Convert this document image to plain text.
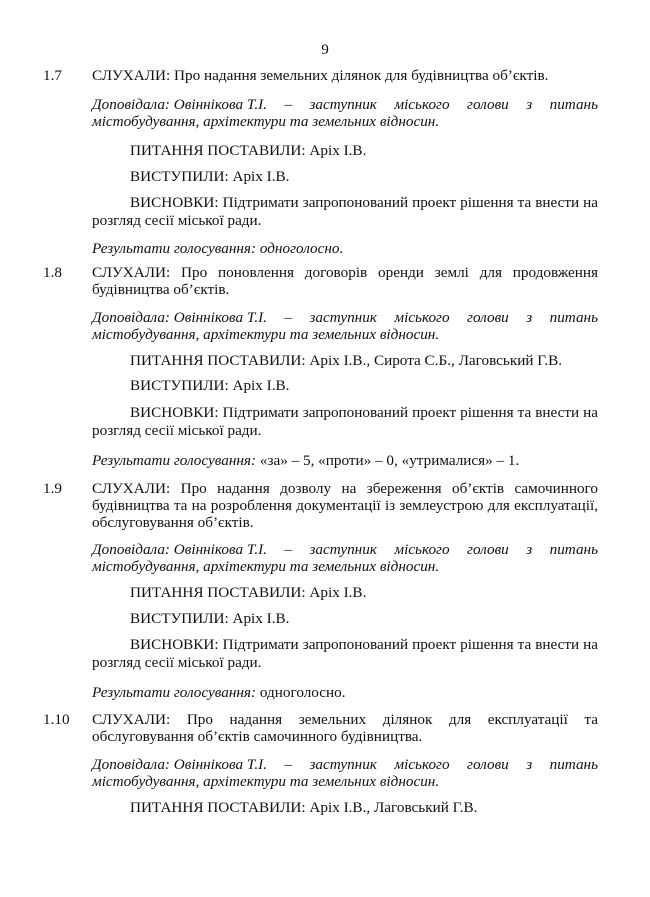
9
1.7 СЛУХАЛИ: Про надання земельних ділянок для будівництва об’єктів.
Доповідала: Овіннікова Т.І. – заступник міського голови з питань
містобудування, архітектури та земельних відносин.
ПИТАННЯ ПОСТАВИЛИ: Аріх І.В.
ВИСТУПИЛИ: Аріх І.В.
ВИСНОВКИ: Підтримати запропонований проект рішення та внести на
розгляд сесії міської ради.
Результати голосування: одноголосно.
1.8 СЛУХАЛИ: Про поновлення договорів оренди землі для продовження
будівництва об’єктів.
Доповідала: Овіннікова Т.І. – заступник міського голови з питань
містобудування, архітектури та земельних відносин.
ПИТАННЯ ПОСТАВИЛИ: Аріх І.В., Сирота С.Б., Лаговський Г.В.
ВИСТУПИЛИ: Аріх І.В.
ВИСНОВКИ: Підтримати запропонований проект рішення та внести на
розгляд сесії міської ради.
Результати голосування: «за» – 5, «проти» – 0, «утрималися» – 1.
1.9 СЛУХАЛИ: Про надання дозволу на збереження об’єктів самочинного
будівництва та на розроблення документації із землеустрою для експлуатації,
обслуговування об’єктів.
Доповідала: Овіннікова Т.І. – заступник міського голови з питань
містобудування, архітектури та земельних відносин.
ПИТАННЯ ПОСТАВИЛИ: Аріх І.В.
ВИСТУПИЛИ: Аріх І.В.
ВИСНОВКИ: Підтримати запропонований проект рішення та внести на
розгляд сесії міської ради.
Результати голосування: одноголосно.
1.10 СЛУХАЛИ: Про надання земельних ділянок для експлуатації та
обслуговування об’єктів самочинного будівництва.
Доповідала: Овіннікова Т.І. – заступник міського голови з питань
містобудування, архітектури та земельних відносин.
ПИТАННЯ ПОСТАВИЛИ: Аріх І.В., Лаговський Г.В.
